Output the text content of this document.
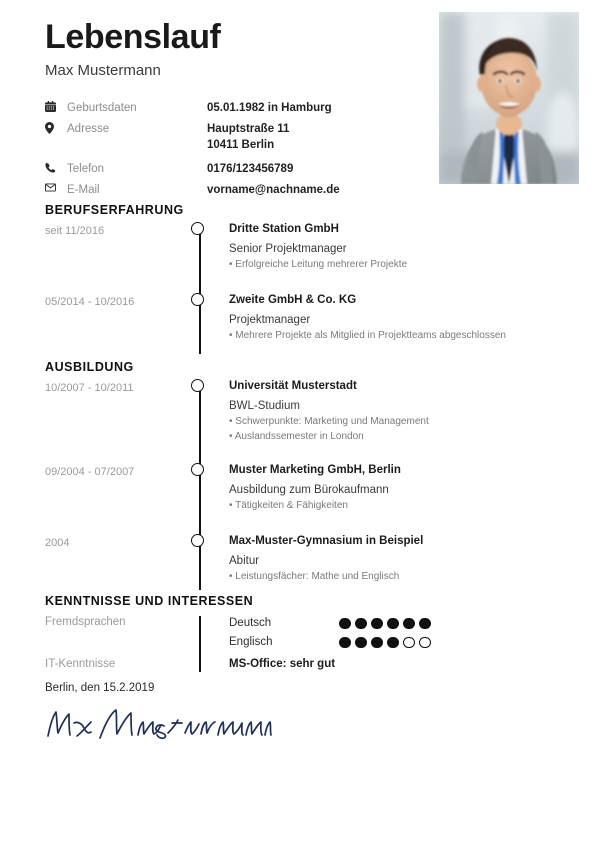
Lebenslauf
Max Mustermann
Geburtsdaten	05.01.1982 in Hamburg
Adresse	Hauptstraße 11
10411 Berlin
Telefon	0176/123456789
E-Mail	vorname@nachname.de
BERUFSERFAHRUNG
seit 11/2016	Dritte Station GmbH
Senior Projektmanager
• Erfolgreiche Leitung mehrerer Projekte
05/2014 - 10/2016	Zweite GmbH & Co. KG
Projektmanager
• Mehrere Projekte als Mitglied in Projektteams abgeschlossen
AUSBILDUNG
10/2007 - 10/2011	Universität Musterstadt
BWL-Studium
• Schwerpunkte: Marketing und Management
• Auslandssemester in London
09/2004 - 07/2007	Muster Marketing GmbH, Berlin
Ausbildung zum Bürokaufmann
• Tätigkeiten & Fähigkeiten
2004	Max-Muster-Gymnasium in Beispiel
Abitur
• Leistungsfächer: Mathe und Englisch
KENNTNISSE UND INTERESSEN
Fremdsprachen	Deutsch
Englisch
IT-Kenntnisse	MS-Office: sehr gut
Berlin, den 15.2.2019
